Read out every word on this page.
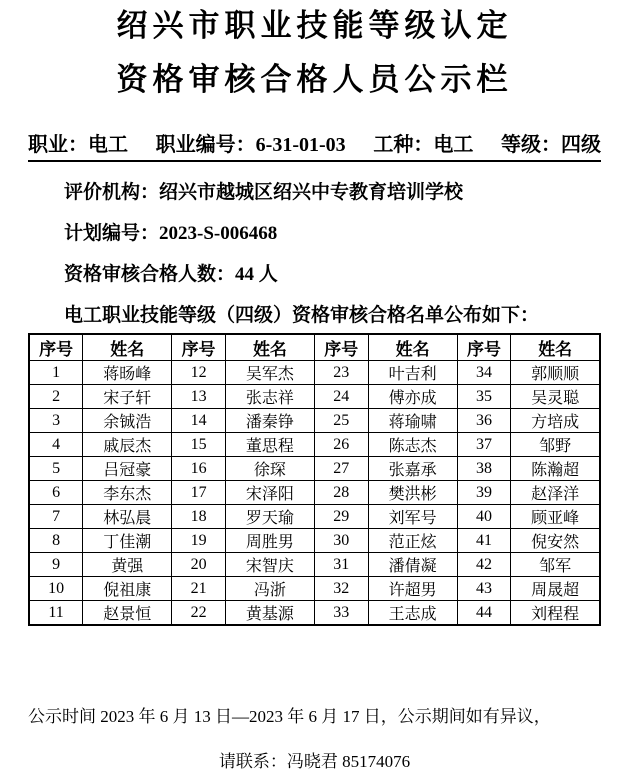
绍兴市职业技能等级认定
资格审核合格人员公示栏
职业：电工 职业编号：6-31-01-03 工种：电工 等级：四级
评价机构：绍兴市越城区绍兴中专教育培训学校
计划编号：2023-S-006468
资格审核合格人数：44 人
电工职业技能等级（四级）资格审核合格名单公布如下：
序号	姓名	序号	姓名	序号	姓名	序号	姓名
1	蒋旸峰	12	吴军杰	23	叶吉利	34	郭顺顺
2	宋子轩	13	张志祥	24	傅亦成	35	吴灵聪
3	余铖浩	14	潘秦铮	25	蒋瑜啸	36	方培成
4	戚辰杰	15	董思程	26	陈志杰	37	邹野
5	吕冠豪	16	徐琛	27	张嘉承	38	陈瀚超
6	李东杰	17	宋泽阳	28	樊洪彬	39	赵泽洋
7	林弘晨	18	罗天瑜	29	刘军号	40	顾亚峰
8	丁佳潮	19	周胜男	30	范正炫	41	倪安然
9	黄强	20	宋智庆	31	潘倩凝	42	邹军
10	倪祖康	21	冯浙	32	许超男	43	周晟超
11	赵景恒	22	黄基源	33	王志成	44	刘程程
公示时间 2023 年 6 月 13 日—2023 年 6 月 17 日，公示期间如有异议，
请联系：冯晓君 85174076
